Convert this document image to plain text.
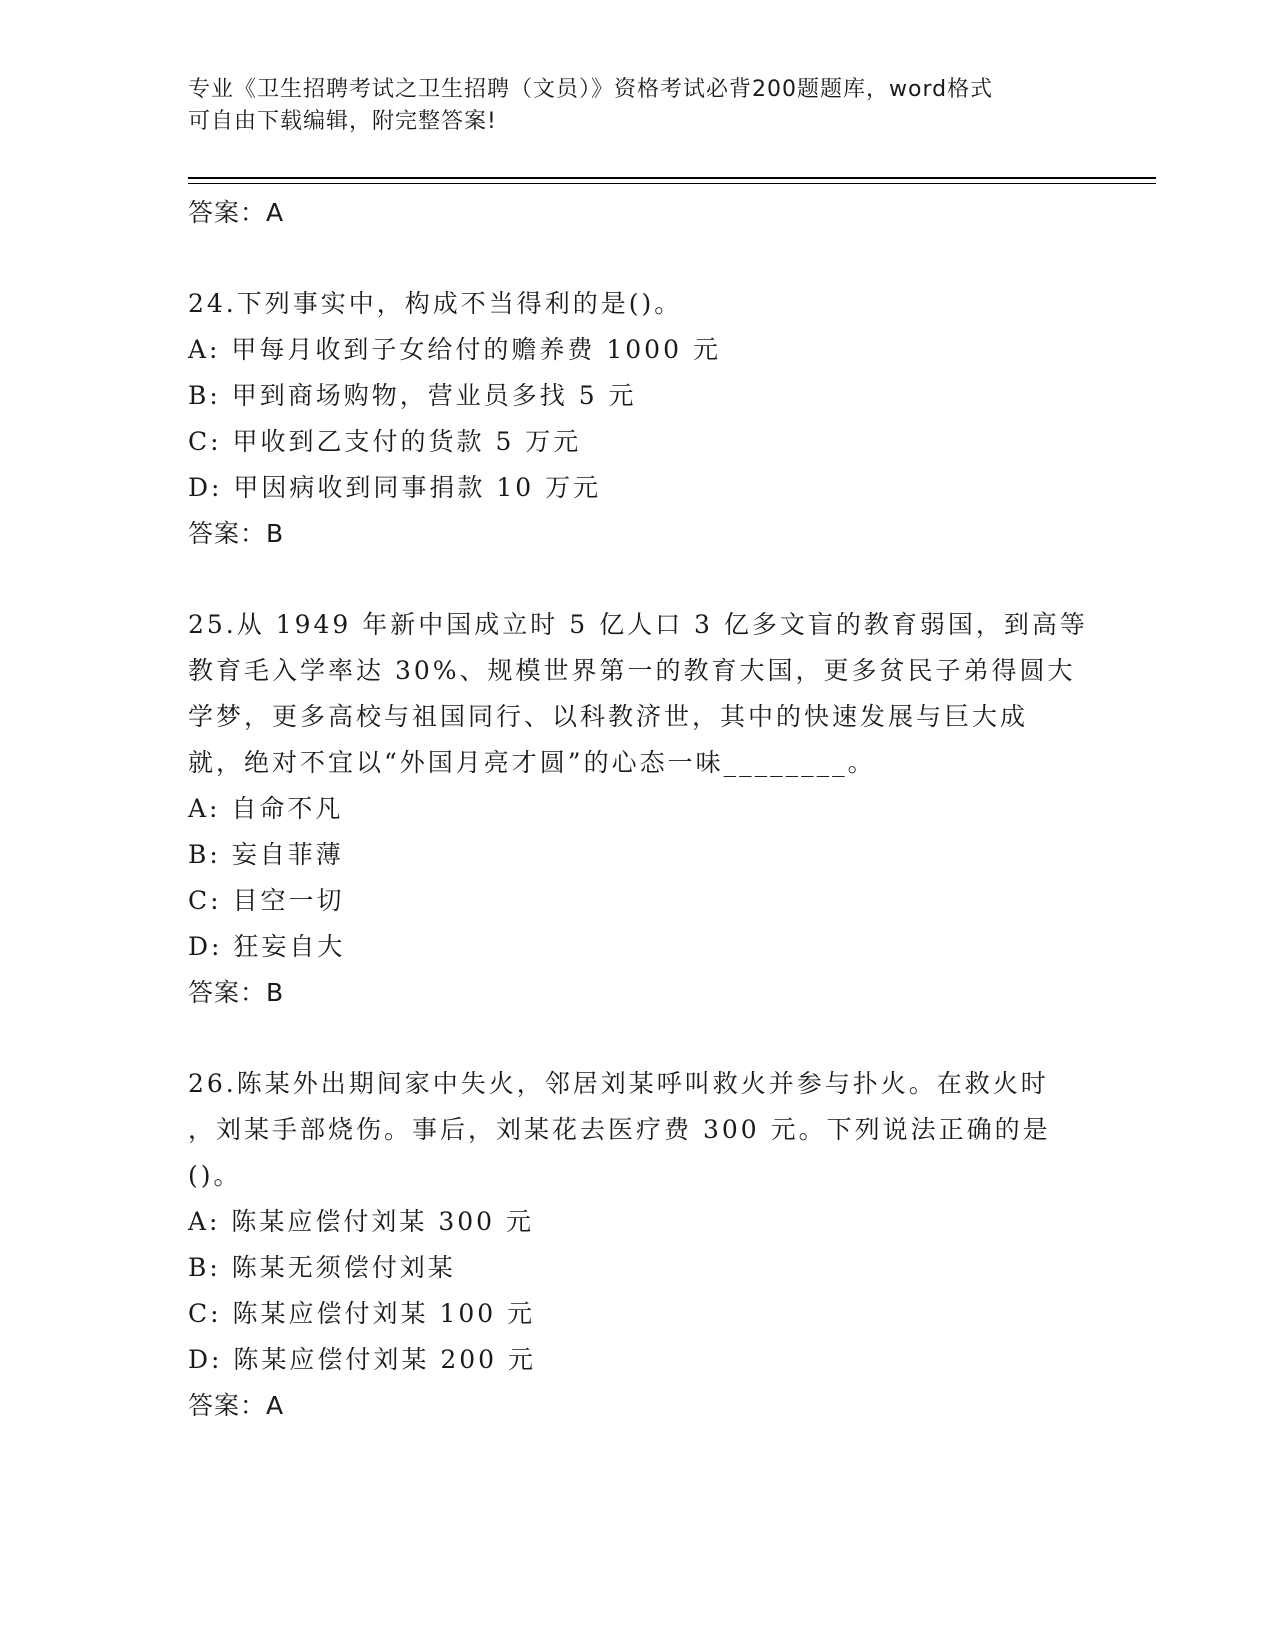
专业《卫生招聘考试之卫生招聘（文员）》资格考试必背200题题库，word格式
可自由下载编辑，附完整答案!

答案：A

24.下列事实中，构成不当得利的是()。

A: 甲每月收到子女给付的赡养费 1000 元

B: 甲到商场购物，营业员多找 5 元

C: 甲收到乙支付的货款 5 万元

D: 甲因病收到同事捐款 10 万元

答案：B

25.从 1949 年新中国成立时 5 亿人口 3 亿多文盲的教育弱国，到高等
教育毛入学率达 30%、规模世界第一的教育大国，更多贫民子弟得圆大
学梦，更多高校与祖国同行、以科教济世，其中的快速发展与巨大成
就，绝对不宜以“外国月亮才圆”的心态一味________。

A: 自命不凡

B: 妄自菲薄

C: 目空一切

D: 狂妄自大

答案：B

26.陈某外出期间家中失火，邻居刘某呼叫救火并参与扑火。在救火时
，刘某手部烧伤。事后，刘某花去医疗费 300 元。下列说法正确的是
()。

A: 陈某应偿付刘某 300 元

B: 陈某无须偿付刘某

C: 陈某应偿付刘某 100 元

D: 陈某应偿付刘某 200 元

答案：A
